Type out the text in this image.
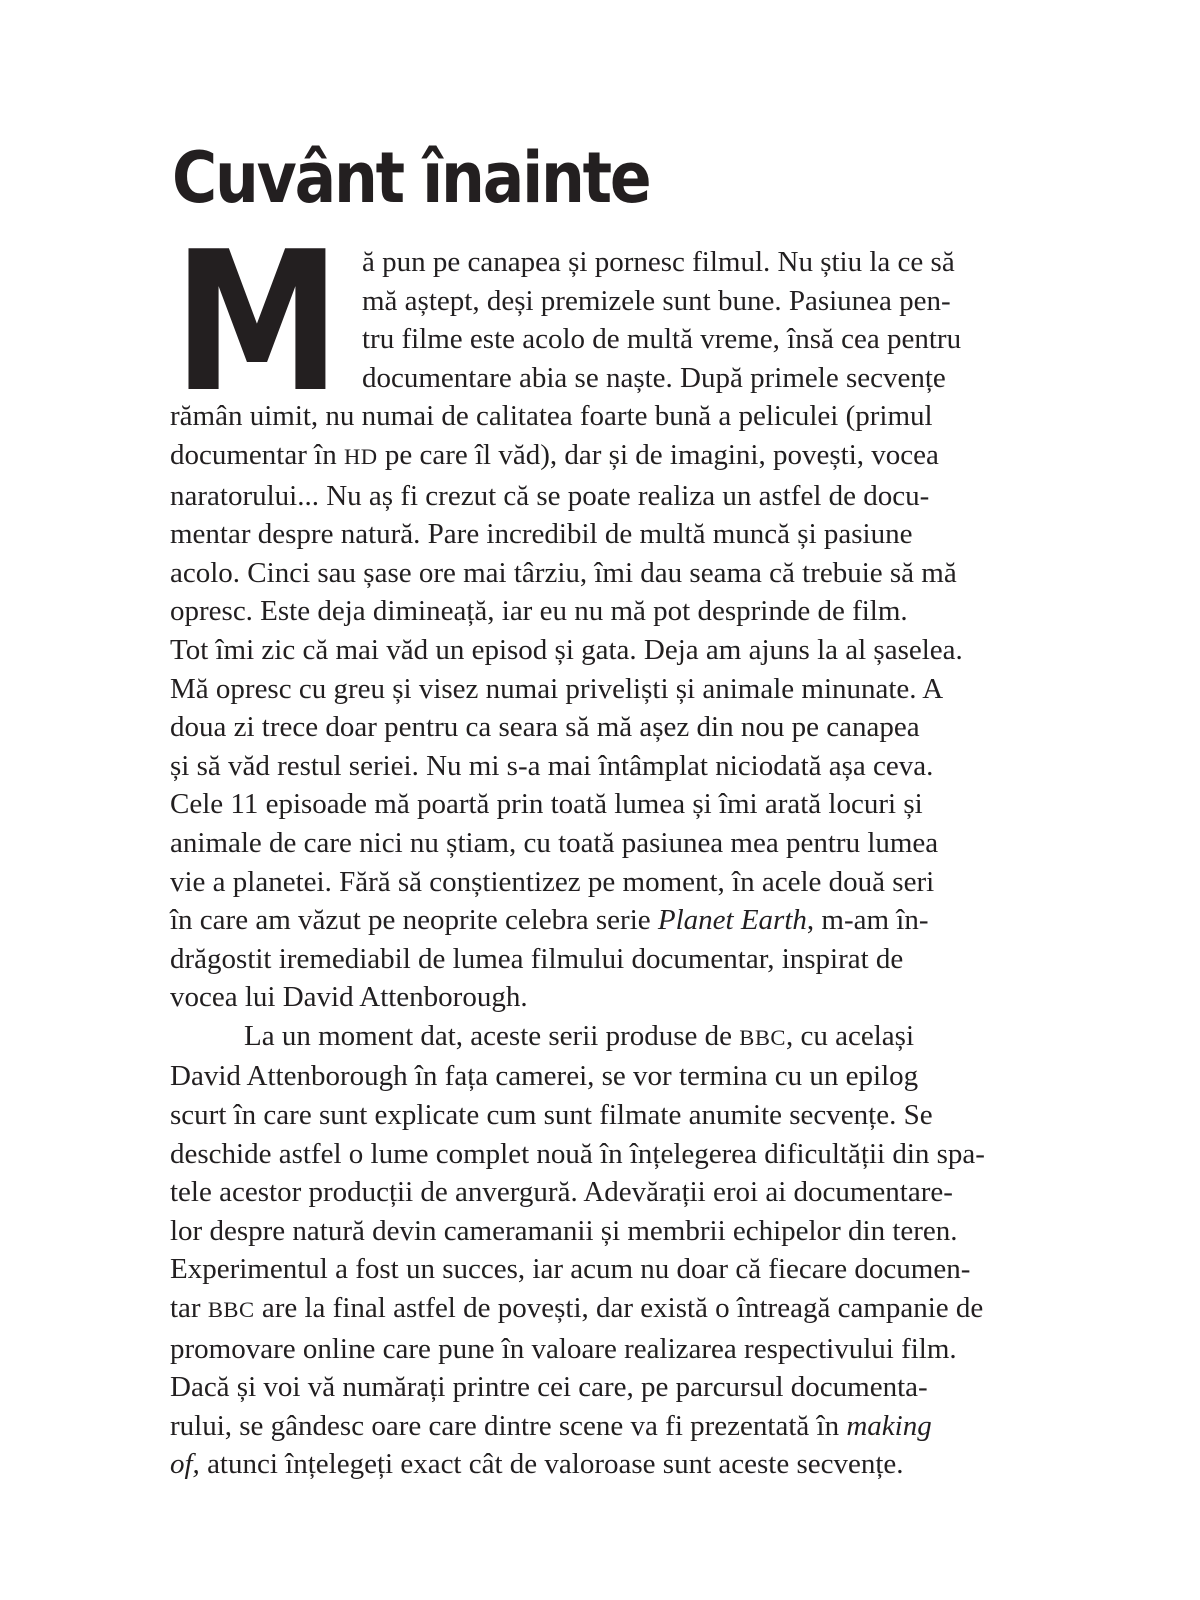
Cuvânt înainte
M ă pun pe canapea și pornesc filmul. Nu știu la ce să
mă aștept, deși premizele sunt bune. Pasiunea pen-
tru filme este acolo de multă vreme, însă cea pentru
documentare abia se naște. După primele secvențe
rămân uimit, nu numai de calitatea foarte bună a peliculei (primul
documentar în HD pe care îl văd), dar și de imagini, povești, vocea
naratorului... Nu aș fi crezut că se poate realiza un astfel de docu-
mentar despre natură. Pare incredibil de multă muncă și pasiune
acolo. Cinci sau șase ore mai târziu, îmi dau seama că trebuie să mă
opresc. Este deja dimineață, iar eu nu mă pot desprinde de film.
Tot îmi zic că mai văd un episod și gata. Deja am ajuns la al șaselea.
Mă opresc cu greu și visez numai priveliști și animale minunate. A
doua zi trece doar pentru ca seara să mă așez din nou pe canapea
și să văd restul seriei. Nu mi s-a mai întâmplat niciodată așa ceva.
Cele 11 episoade mă poartă prin toată lumea și îmi arată locuri și
animale de care nici nu știam, cu toată pasiunea mea pentru lumea
vie a planetei. Fără să conștientizez pe moment, în acele două seri
în care am văzut pe neoprite celebra serie Planet Earth, m-am în-
drăgostit iremediabil de lumea filmului documentar, inspirat de
vocea lui David Attenborough.

La un moment dat, aceste serii produse de BBC, cu același
David Attenborough în fața camerei, se vor termina cu un epilog
scurt în care sunt explicate cum sunt filmate anumite secvențe. Se
deschide astfel o lume complet nouă în înțelegerea dificultății din spa-
tele acestor producții de anvergură. Adevărații eroi ai documentare-
lor despre natură devin cameramanii și membrii echipelor din teren.
Experimentul a fost un succes, iar acum nu doar că fiecare documen-
tar BBC are la final astfel de povești, dar există o întreagă campanie de
promovare online care pune în valoare realizarea respectivului film.
Dacă și voi vă numărați printre cei care, pe parcursul documenta-
rului, se gândesc oare care dintre scene va fi prezentată în making
of, atunci înțelegeți exact cât de valoroase sunt aceste secvențe.
